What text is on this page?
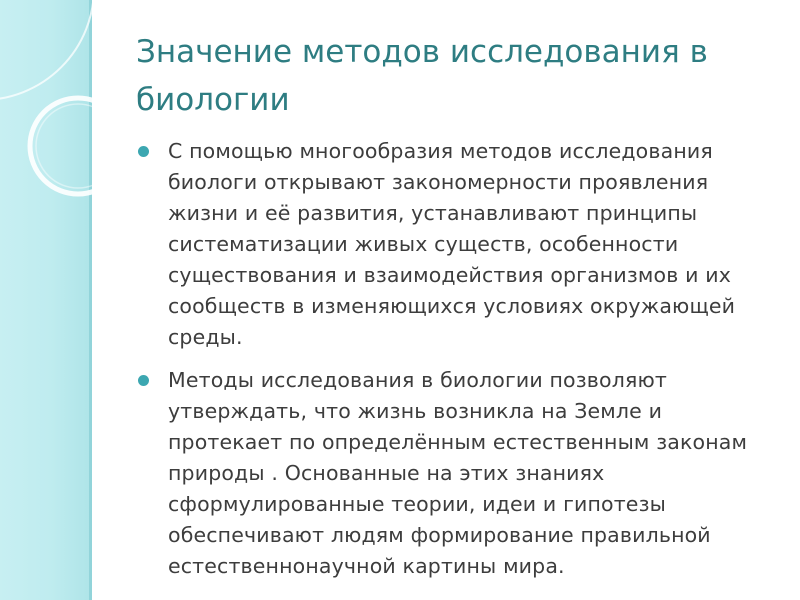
Значение методов исследования в биологии
С помощью многообразия методов исследования
биологи открывают закономерности проявления
жизни и её развития, устанавливают принципы
систематизации живых существ, особенности
существования и взаимодействия организмов и их
сообществ в изменяющихся условиях окружающей
среды.
Методы исследования в биологии позволяют
утверждать, что жизнь возникла на Земле и
протекает по определённым естественным законам
природы . Основанные на этих знаниях
сформулированные теории, идеи и гипотезы
обеспечивают людям формирование правильной
естественнонаучной картины мира.
